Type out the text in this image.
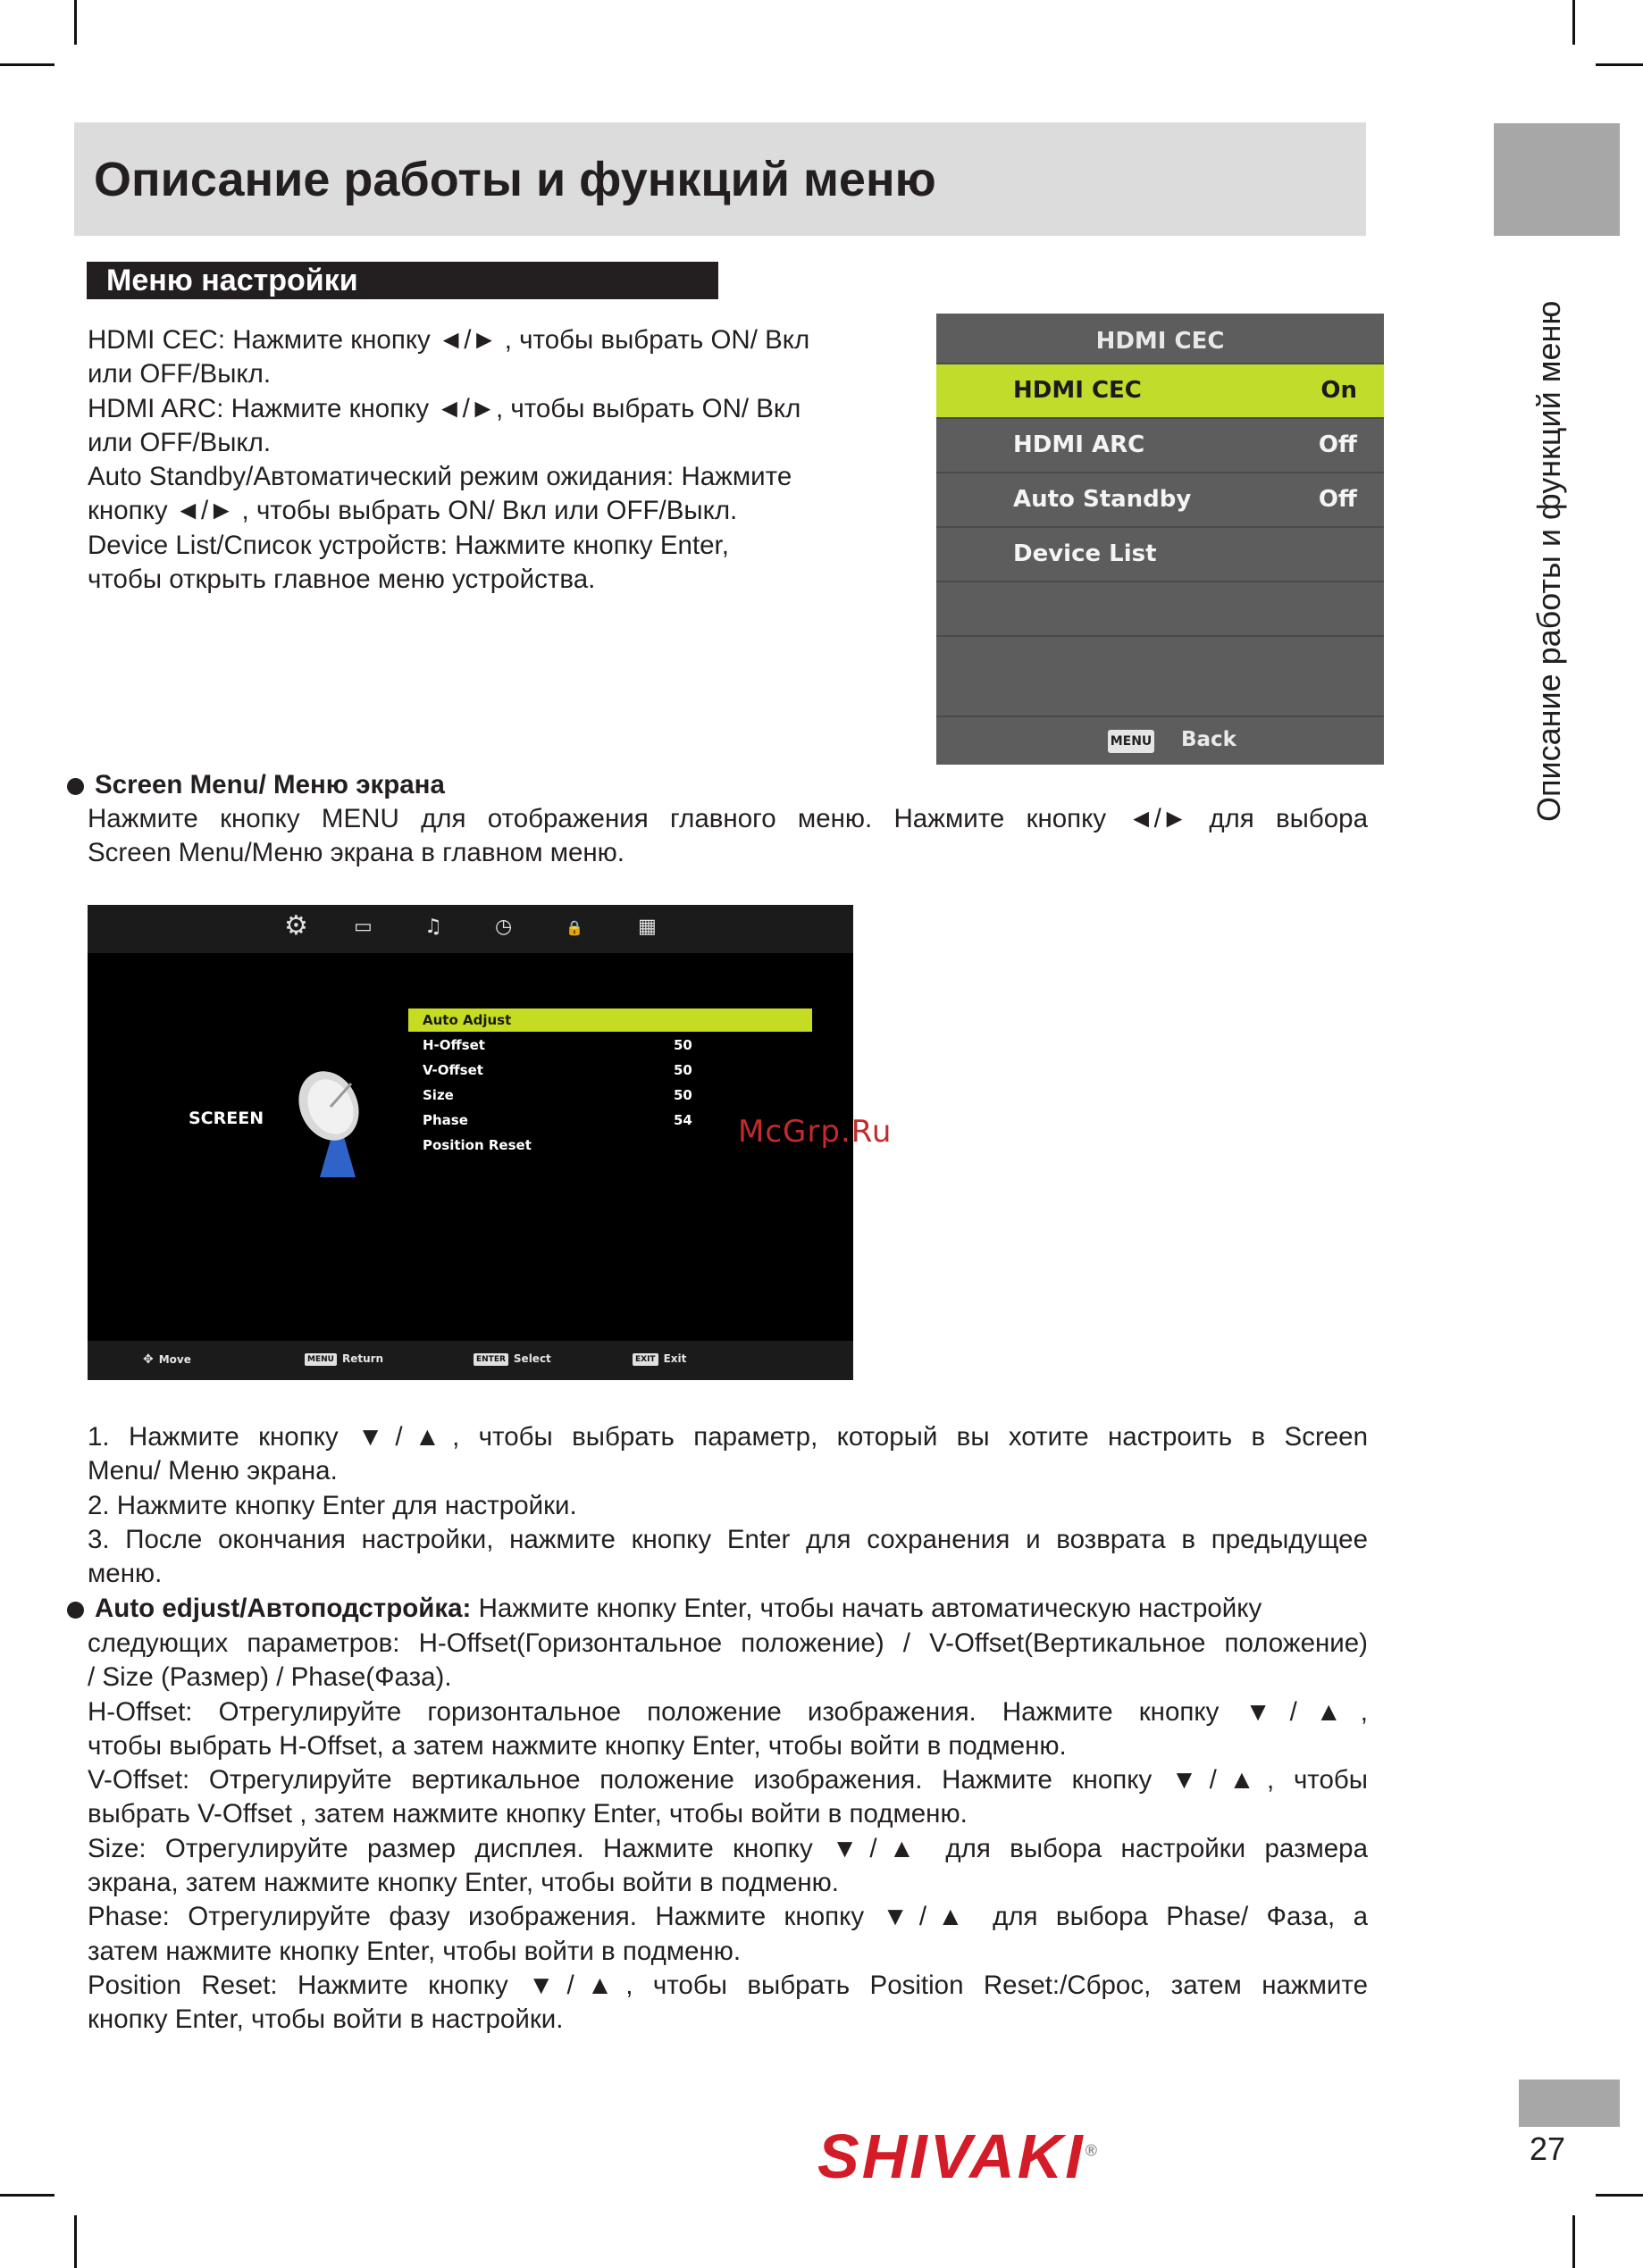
Описание работы и функций меню
Описание работы и функций меню
Меню настройки
HDMI CEC: Нажмите кнопку ◄/► , чтобы выбрать ON/ Вкл
или OFF/Выкл.
HDMI ARC: Нажмите кнопку ◄/►, чтобы выбрать ON/ Вкл
или OFF/Выкл.
Auto Standby/Автоматический режим ожидания: Нажмите
кнопку ◄/► , чтобы выбрать ON/ Вкл или OFF/Выкл.
Device List/Список устройств: Нажмите кнопку Enter,
чтобы открыть главное меню устройства.
HDMI CEC
HDMI CEC	On
HDMI ARC	Off
Auto Standby	Off
Device List
MENU Back
Screen Menu/ Меню экрана
Нажмите кнопку MENU для отображения главного меню. Нажмите кнопку ◄/► для выбора
Screen Menu/Меню экрана в главном меню.
⚙ ▭	♫	◷	🔒	▦
SCREEN
Auto Adjust
H-Offset	50
V-Offset	50
Size	50
Phase	54
Position Reset
✥ Move	MENU Return	ENTER Select	EXIT Exit
McGrp.Ru
1. Нажмите кнопку ▼/▲, чтобы выбрать параметр, который вы хотите настроить в Screen
Menu/ Меню экрана.
2. Нажмите кнопку Enter для настройки.
3. После окончания настройки, нажмите кнопку Enter для сохранения и возврата в предыдущее
меню.
Auto edjust/Автоподстройка: Нажмите кнопку Enter, чтобы начать автоматическую настройку
следующих параметров: H-Offset(Горизонтальное положение) / V-Offset(Вертикальное положение)
/ Size (Размер) / Phase(Фаза).
H-Offset: Отрегулируйте горизонтальное положение изображения. Нажмите кнопку ▼/▲,
чтобы выбрать H-Offset, а затем нажмите кнопку Enter, чтобы войти в подменю.
V-Offset: Отрегулируйте вертикальное положение изображения. Нажмите кнопку ▼/▲, чтобы
выбрать V-Offset , затем нажмите кнопку Enter, чтобы войти в подменю.
Size: Отрегулируйте размер дисплея. Нажмите кнопку ▼/▲ для выбора настройки размера
экрана, затем нажмите кнопку Enter, чтобы войти в подменю.
Phase: Отрегулируйте фазу изображения. Нажмите кнопку ▼/▲ для выбора Phase/ Фаза, а
затем нажмите кнопку Enter, чтобы войти в подменю.
Position Reset: Нажмите кнопку ▼/▲, чтобы выбрать Position Reset:/Сброс, затем нажмите
кнопку Enter, чтобы войти в настройки.
SHIVAKI®	27
